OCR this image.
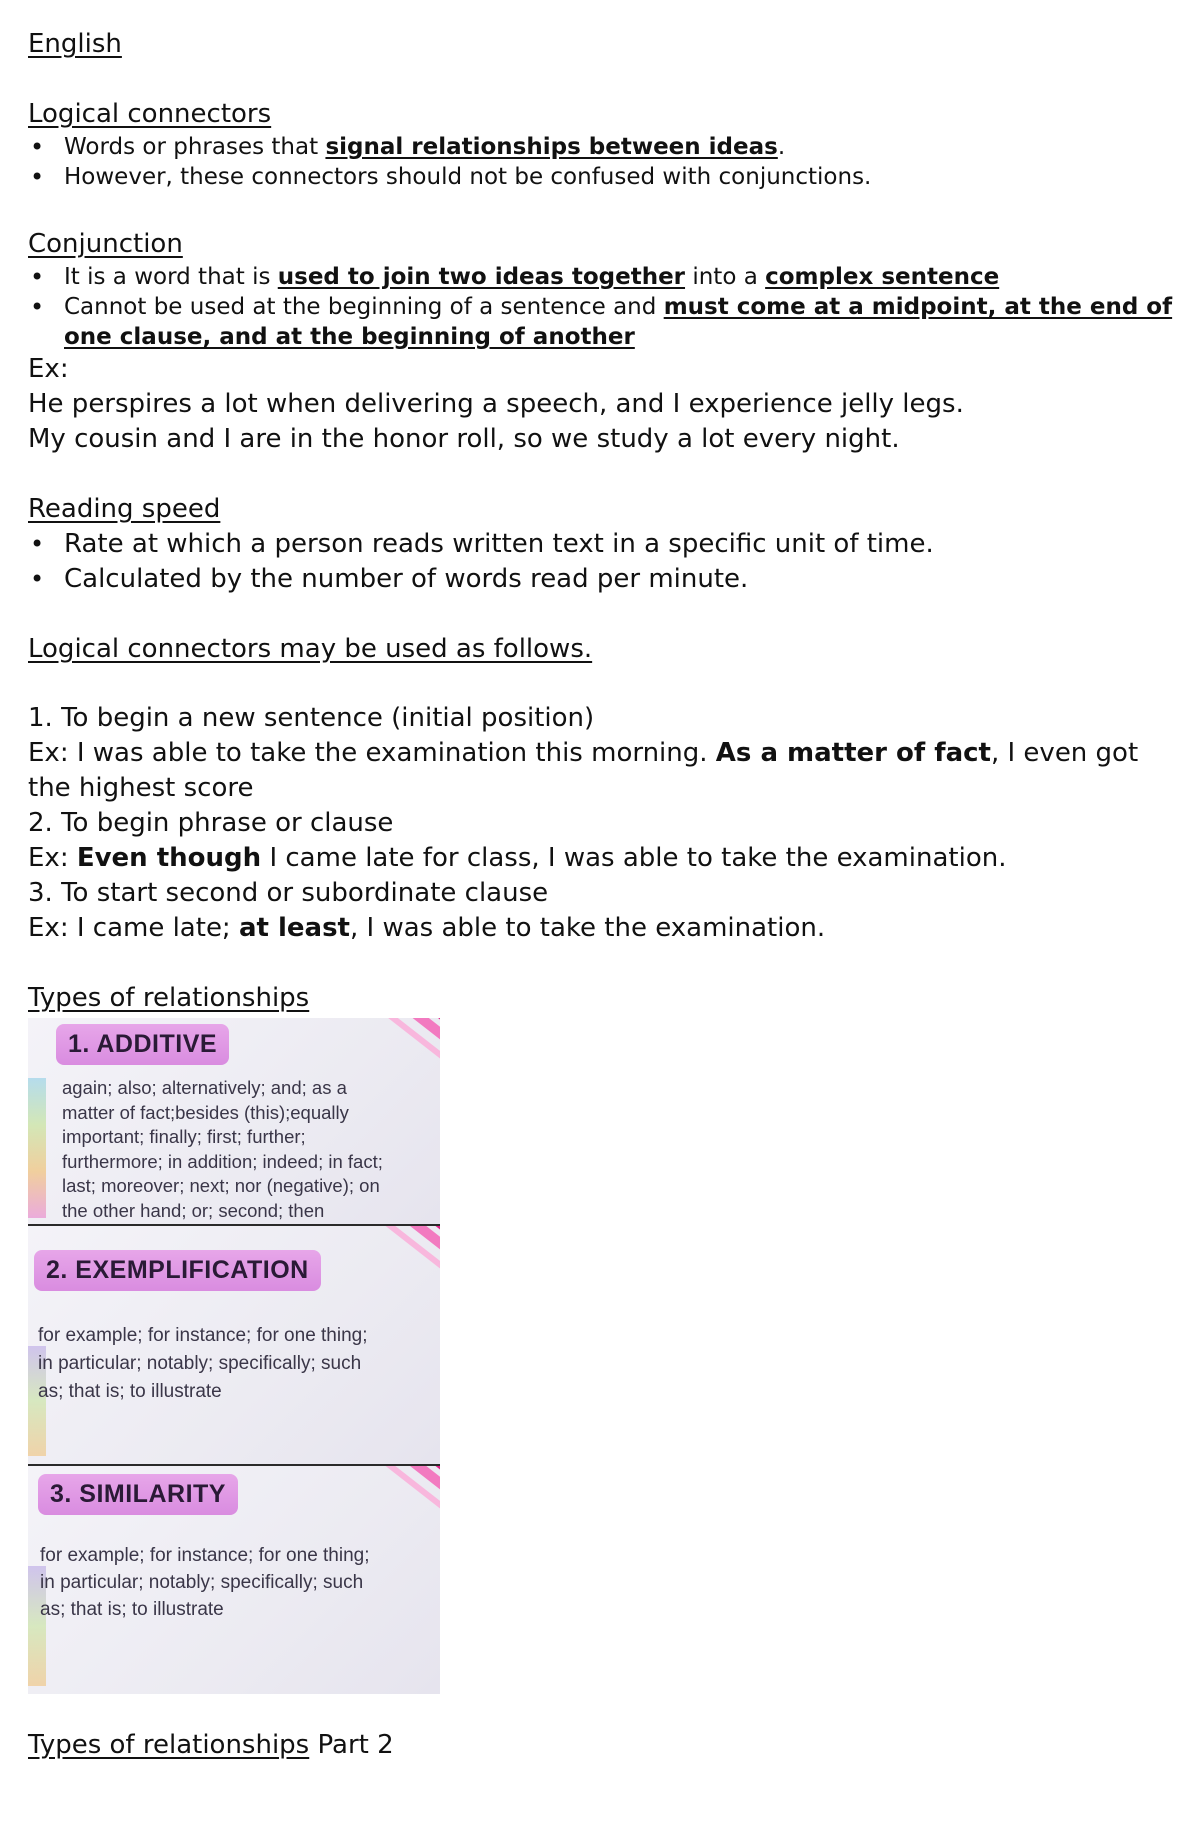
English

Logical connectors

• Words or phrases that signal relationships between ideas.
• However, these connectors should not be confused with conjunctions.

Conjunction

• It is a word that is used to join two ideas together into a complex sentence
• Cannot be used at the beginning of a sentence and must come at a midpoint, at the end of one clause, and at the beginning of another

Ex:

He perspires a lot when delivering a speech, and I experience jelly legs.

My cousin and I are in the honor roll, so we study a lot every night.

Reading speed

• Rate at which a person reads written text in a specific unit of time.
• Calculated by the number of words read per minute.

Logical connectors may be used as follows.

1. To begin a new sentence (initial position)

Ex: I was able to take the examination this morning. As a matter of fact, I even got the highest score

2. To begin phrase or clause

Ex: Even though I came late for class, I was able to take the examination.

3. To start second or subordinate clause

Ex: I came late; at least, I was able to take the examination.

Types of relationships

1. ADDITIVE
again; also; alternatively; and; as a
matter of fact;besides (this);equally
important; finally; first; further;
furthermore; in addition; indeed; in fact;
last; moreover; next; nor (negative); on
the other hand; or; second; then
2. EXEMPLIFICATION
for example; for instance; for one thing;
in particular; notably; specifically; such
as; that is; to illustrate
3. SIMILARITY
for example; for instance; for one thing;
in particular; notably; specifically; such
as; that is; to illustrate

Types of relationships Part 2
